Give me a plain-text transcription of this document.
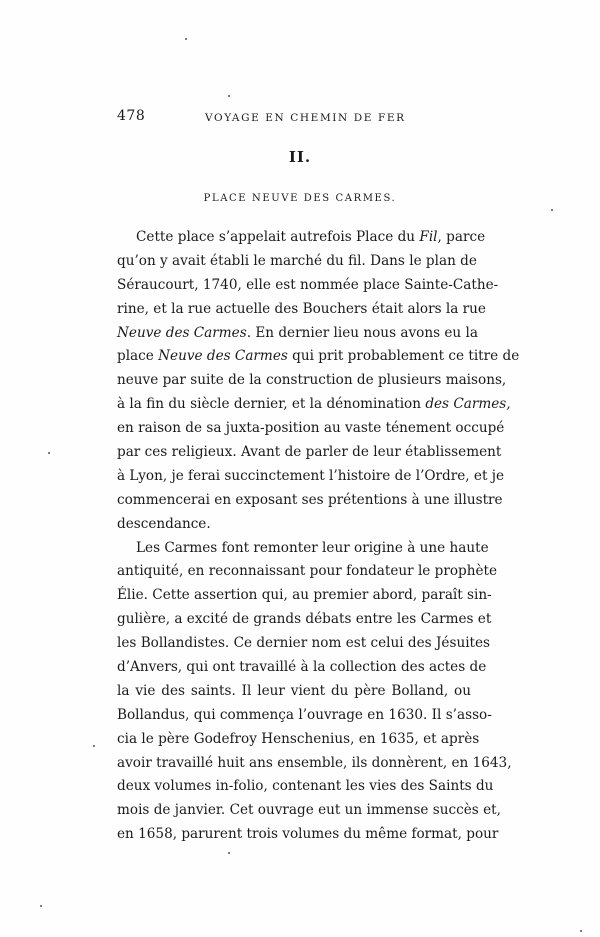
478	VOYAGE EN CHEMIN DE FER
II.
PLACE NEUVE DES CARMES.
Cette place s’appelait autrefois Place du Fil, parce
qu’on y avait établi le marché du fil. Dans le plan de
Séraucourt, 1740, elle est nommée place Sainte-Cathe-
rine, et la rue actuelle des Bouchers était alors la rue
Neuve des Carmes. En dernier lieu nous avons eu la
place Neuve des Carmes qui prit probablement ce titre de
neuve par suite de la construction de plusieurs maisons,
à la fin du siècle dernier, et la dénomination des Carmes,
en raison de sa juxta-position au vaste ténement occupé
par ces religieux. Avant de parler de leur établissement
à Lyon, je ferai succinctement l’histoire de l’Ordre, et je
commencerai en exposant ses prétentions à une illustre
descendance.
Les Carmes font remonter leur origine à une haute
antiquité, en reconnaissant pour fondateur le prophète
Élie. Cette assertion qui, au premier abord, paraît sin-
gulière, a excité de grands débats entre les Carmes et
les Bollandistes. Ce dernier nom est celui des Jésuites
d’Anvers, qui ont travaillé à la collection des actes de
la vie des saints. Il leur vient du père Bolland, ou
Bollandus, qui commença l’ouvrage en 1630. Il s’asso-
cia le père Godefroy Henschenius, en 1635, et après
avoir travaillé huit ans ensemble, ils donnèrent, en 1643,
deux volumes in-folio, contenant les vies des Saints du
mois de janvier. Cet ouvrage eut un immense succès et,
en 1658, parurent trois volumes du même format, pour
